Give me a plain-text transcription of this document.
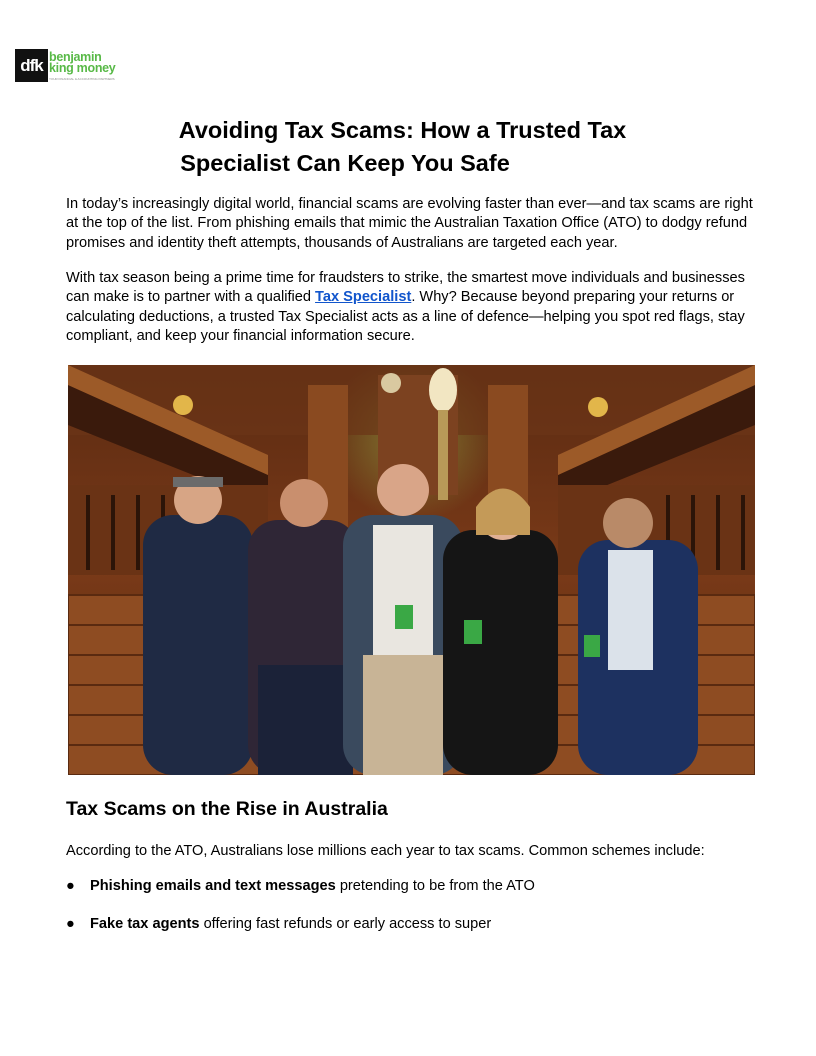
dfk benjamin
king money
YOUR FINANCIAL & ACCOUNTING PARTNERS
Avoiding Tax Scams: How a Trusted Tax
Specialist Can Keep You Safe

In today’s increasingly digital world, financial scams are evolving faster than ever—and tax scams are right at the top of the list. From phishing emails that mimic the Australian Taxation Office (ATO) to dodgy refund promises and identity theft attempts, thousands of Australians are targeted each year.

With tax season being a prime time for fraudsters to strike, the smartest move individuals and businesses can make is to partner with a qualified Tax Specialist. Why? Because beyond preparing your returns or calculating deductions, a trusted Tax Specialist acts as a line of defence—helping you spot red flags, stay compliant, and keep your financial information secure.

Tax Scams on the Rise in Australia

According to the ATO, Australians lose millions each year to tax scams. Common schemes include:

● Phishing emails and text messages pretending to be from the ATO
● Fake tax agents offering fast refunds or early access to super
